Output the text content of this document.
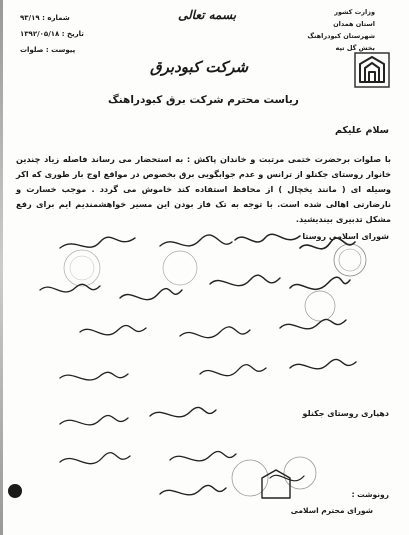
شماره : ۹۳/۱۹
تاریخ : ۱۳۹۲/۰۵/۱۸
پیوست : صلوات
بسمه تعالی
شرکت کبودبرق
وزارت کشور
استان همدان
شهرستان کبودراهنگ
بخش گل تپه
ریاست محترم شرکت برق کبودراهنگ
سلام علیکم
با صلوات برحضرت ختمی مرتبت و خاندان پاکش : به استحضار می رساند فاصله زیاد چندین خانوار روستای جکنلو از ترانس و عدم جوابگویی برق بخصوص در مواقع اوج بار طوری که اکر وسیله ای ( مانند یخچال ) از محافظ استفاده کند خاموش می گردد . موجب خسارت و نارضارتی اهالی شده است. با توجه به تک فاز بودن این مسیر خواهشمندیم ایم برای رفع مشکل تدبیری بیندیشید.
شورای اسلامی روستا
دهیاری روستای جکنلو
رونوشت :
شورای محترم اسلامی
